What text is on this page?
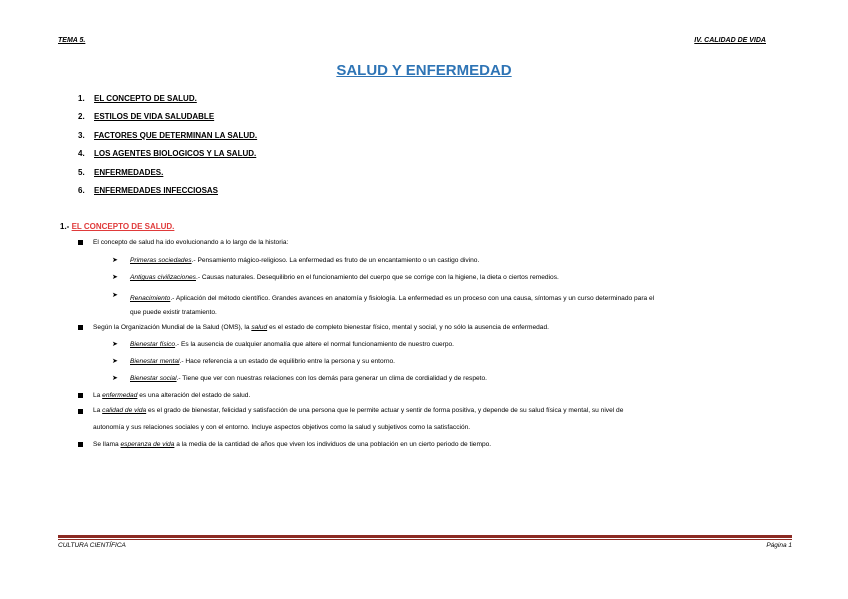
TEMA 5.	IV. CALIDAD DE VIDA
SALUD Y ENFERMEDAD
1. EL CONCEPTO DE SALUD.
2. ESTILOS DE VIDA SALUDABLE
3. FACTORES QUE DETERMINAN LA SALUD.
4. LOS AGENTES BIOLOGICOS Y LA SALUD.
5. ENFERMEDADES.
6. ENFERMEDADES INFECCIOSAS
1.- EL CONCEPTO DE SALUD.
El concepto de salud ha ido evolucionando a lo largo de la historia:
➤ Primeras sociedades.- Pensamiento mágico-religioso. La enfermedad es fruto de un encantamiento o un castigo divino.
➤ Antiguas civilizaciones.- Causas naturales. Desequilibrio en el funcionamiento del cuerpo que se corrige con la higiene, la dieta o ciertos remedios.
➤ Renacimiento.- Aplicación del método científico. Grandes avances en anatomía y fisiología. La enfermedad es un proceso con una causa, síntomas y un curso determinado para el
que puede existir tratamiento.
Según la Organización Mundial de la Salud (OMS), la salud es el estado de completo bienestar físico, mental y social, y no sólo la ausencia de enfermedad.
➤ Bienestar físico.- Es la ausencia de cualquier anomalía que altere el normal funcionamiento de nuestro cuerpo.
➤ Bienestar mental.- Hace referencia a un estado de equilibrio entre la persona y su entorno.
➤ Bienestar social.- Tiene que ver con nuestras relaciones con los demás para generar un clima de cordialidad y de respeto.
La enfermedad es una alteración del estado de salud.
La calidad de vida es el grado de bienestar, felicidad y satisfacción de una persona que le permite actuar y sentir de forma positiva, y depende de su salud física y mental, su nivel de
autonomía y sus relaciones sociales y con el entorno. Incluye aspectos objetivos como la salud y subjetivos como la satisfacción.
Se llama esperanza de vida a la media de la cantidad de años que viven los individuos de una población en un cierto periodo de tiempo.
CULTURA CIENTÍFICA	Página 1
